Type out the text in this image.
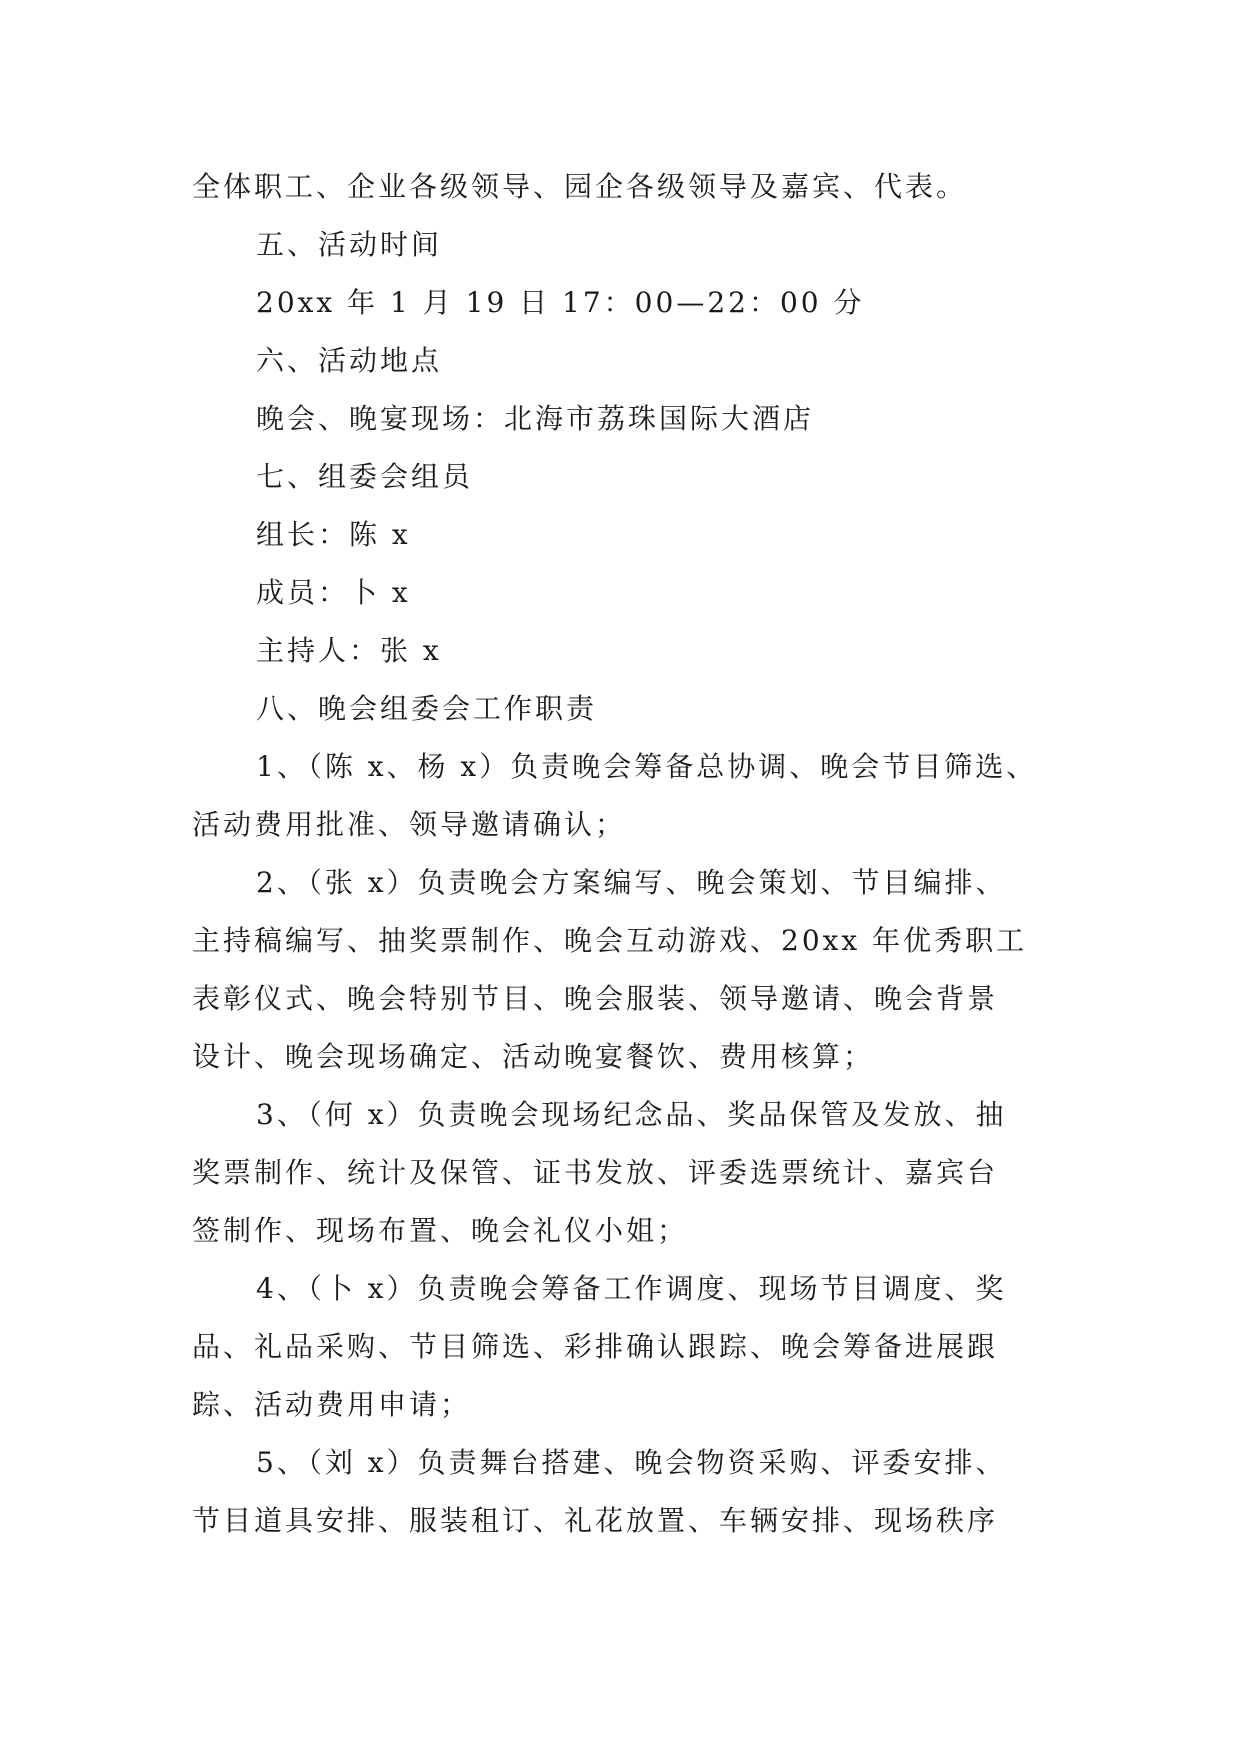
全体职工、企业各级领导、园企各级领导及嘉宾、代表。
五、活动时间
20xx 年 1 月 19 日 17：00—22：00 分
六、活动地点
晚会、晚宴现场：北海市荔珠国际大酒店
七、组委会组员
组长：陈 x
成员：卜 x
主持人：张 x
八、晚会组委会工作职责
1、（陈 x、杨 x）负责晚会筹备总协调、晚会节目筛选、
活动费用批准、领导邀请确认；
2、（张 x）负责晚会方案编写、晚会策划、节目编排、
主持稿编写、抽奖票制作、晚会互动游戏、20xx 年优秀职工
表彰仪式、晚会特别节目、晚会服装、领导邀请、晚会背景
设计、晚会现场确定、活动晚宴餐饮、费用核算；
3、（何 x）负责晚会现场纪念品、奖品保管及发放、抽
奖票制作、统计及保管、证书发放、评委选票统计、嘉宾台
签制作、现场布置、晚会礼仪小姐；
4、（卜 x）负责晚会筹备工作调度、现场节目调度、奖
品、礼品采购、节目筛选、彩排确认跟踪、晚会筹备进展跟
踪、活动费用申请；
5、（刘 x）负责舞台搭建、晚会物资采购、评委安排、
节目道具安排、服装租订、礼花放置、车辆安排、现场秩序
